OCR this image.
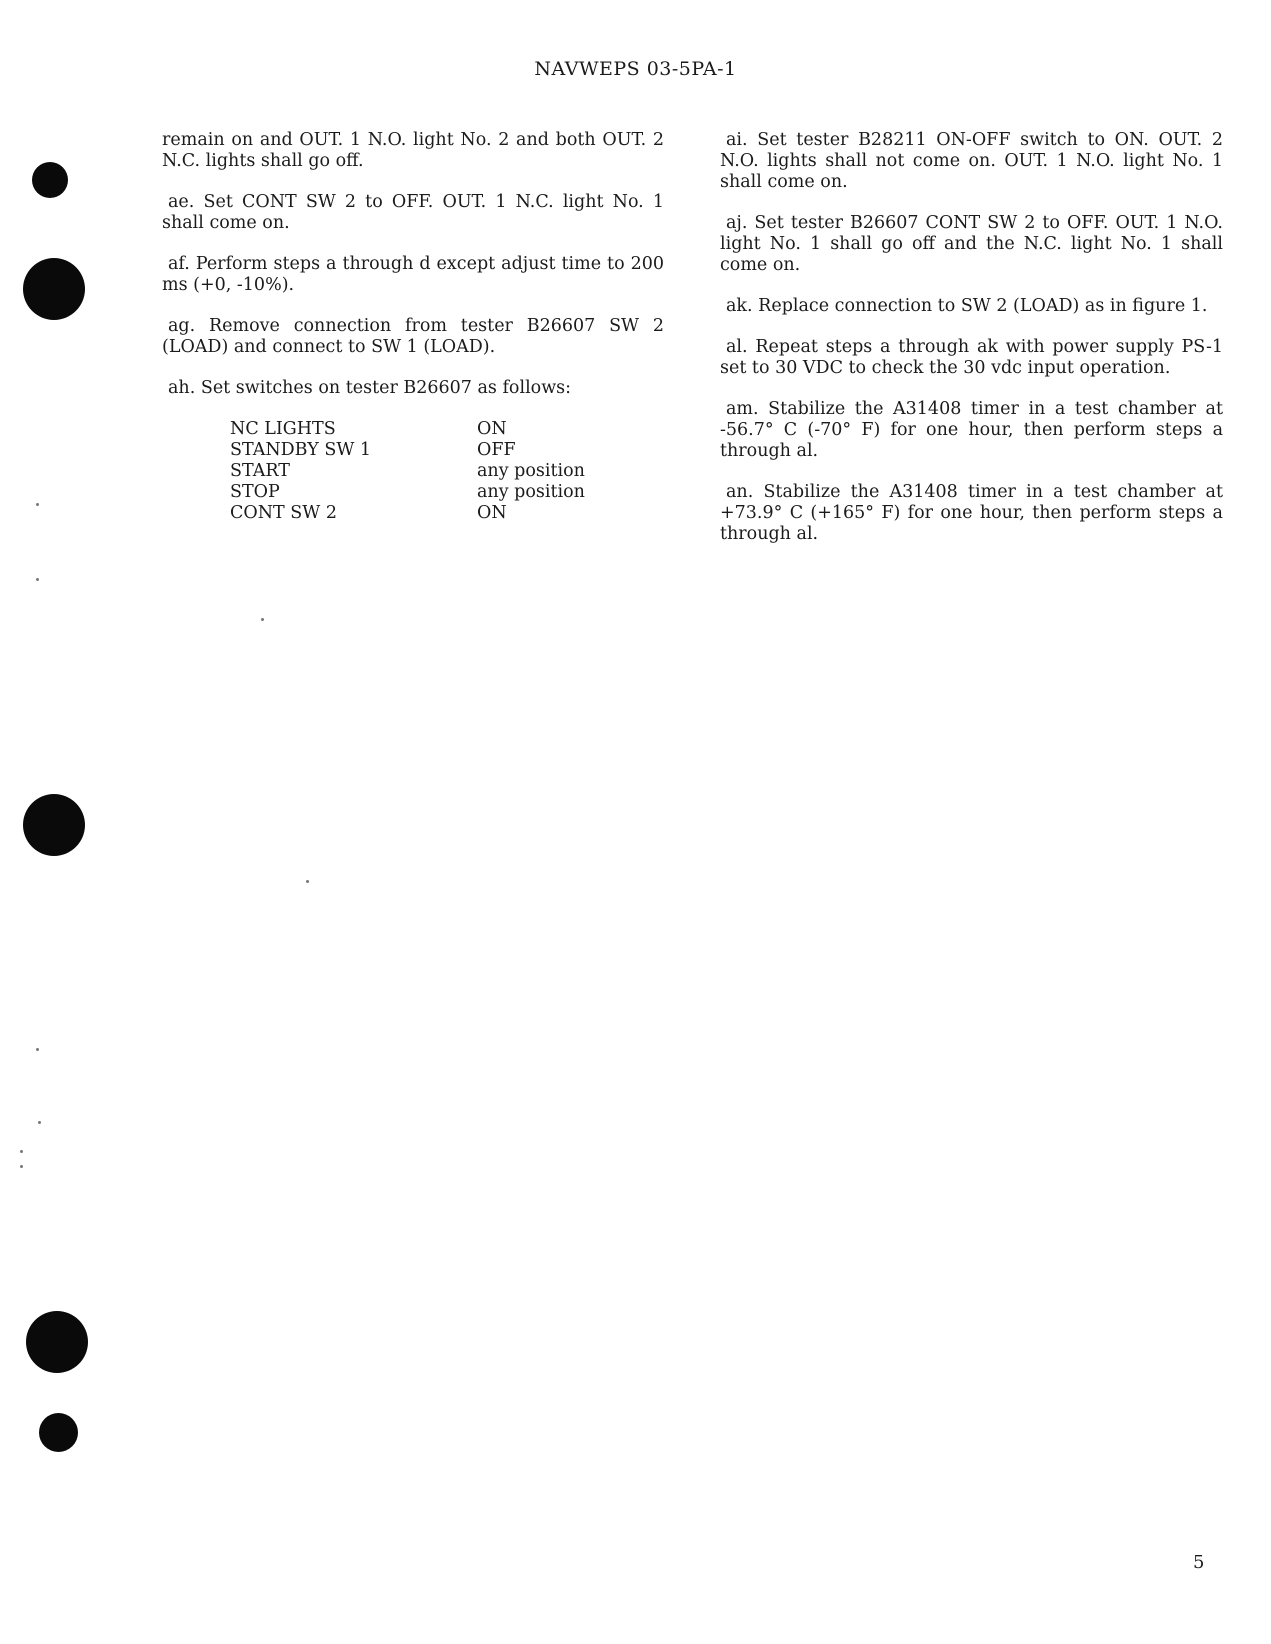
NAVWEPS 03-5PA-1

remain on and OUT. 1 N.O. light No. 2 and both OUT. 2 N.C. lights shall go off.

ae. Set CONT SW 2 to OFF. OUT. 1 N.C. light No. 1 shall come on.

af. Perform steps a through d except adjust time to 200 ms (+0, -10%).

ag. Remove connection from tester B26607 SW 2 (LOAD) and connect to SW 1 (LOAD).

ah. Set switches on tester B26607 as follows:

NC LIGHTS	ON
STANDBY SW 1	OFF
START	any position
STOP	any position
CONT SW 2	ON

ai. Set tester B28211 ON-OFF switch to ON. OUT. 2 N.O. lights shall not come on. OUT. 1 N.O. light No. 1 shall come on.

aj. Set tester B26607 CONT SW 2 to OFF. OUT. 1 N.O. light No. 1 shall go off and the N.C. light No. 1 shall come on.

ak. Replace connection to SW 2 (LOAD) as in figure 1.

al. Repeat steps a through ak with power supply PS-1 set to 30 VDC to check the 30 vdc input operation.

am. Stabilize the A31408 timer in a test chamber at -56.7° C (-70° F) for one hour, then perform steps a through al.

an. Stabilize the A31408 timer in a test chamber at +73.9° C (+165° F) for one hour, then perform steps a through al.

5
